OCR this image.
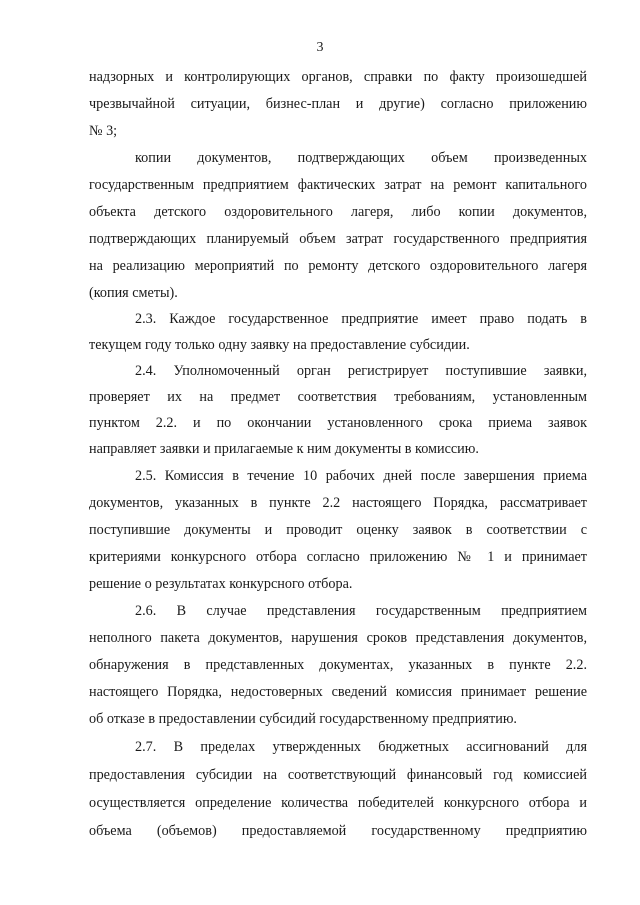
3
надзорных и контролирующих органов, справки по факту произошедшей
чрезвычайной ситуации, бизнес-план и другие) согласно приложению
№ 3;
копии документов, подтверждающих объем произведенных
государственным предприятием фактических затрат на ремонт капитального
объекта детского оздоровительного лагеря, либо копии документов,
подтверждающих планируемый объем затрат государственного предприятия
на реализацию мероприятий по ремонту детского оздоровительного лагеря
(копия сметы).
2.3. Каждое государственное предприятие имеет право подать в
текущем году только одну заявку на предоставление субсидии.
2.4. Уполномоченный орган регистрирует поступившие заявки,
проверяет их на предмет соответствия требованиям, установленным
пунктом 2.2. и по окончании установленного срока приема заявок
направляет заявки и прилагаемые к ним документы в комиссию.
2.5. Комиссия в течение 10 рабочих дней после завершения приема
документов, указанных в пункте 2.2 настоящего Порядка, рассматривает
поступившие документы и проводит оценку заявок в соответствии с
критериями конкурсного отбора согласно приложению № 1 и принимает
решение о результатах конкурсного отбора.
2.6. В случае представления государственным предприятием
неполного пакета документов, нарушения сроков представления документов,
обнаружения в представленных документах, указанных в пункте 2.2.
настоящего Порядка, недостоверных сведений комиссия принимает решение
об отказе в предоставлении субсидий государственному предприятию.
2.7. В пределах утвержденных бюджетных ассигнований для
предоставления субсидии на соответствующий финансовый год комиссией
осуществляется определение количества победителей конкурсного отбора и
объема (объемов) предоставляемой государственному предприятию
